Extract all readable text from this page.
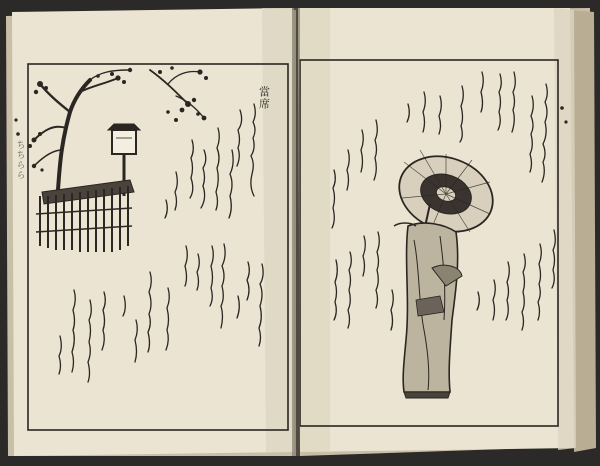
當席
ちちらら
